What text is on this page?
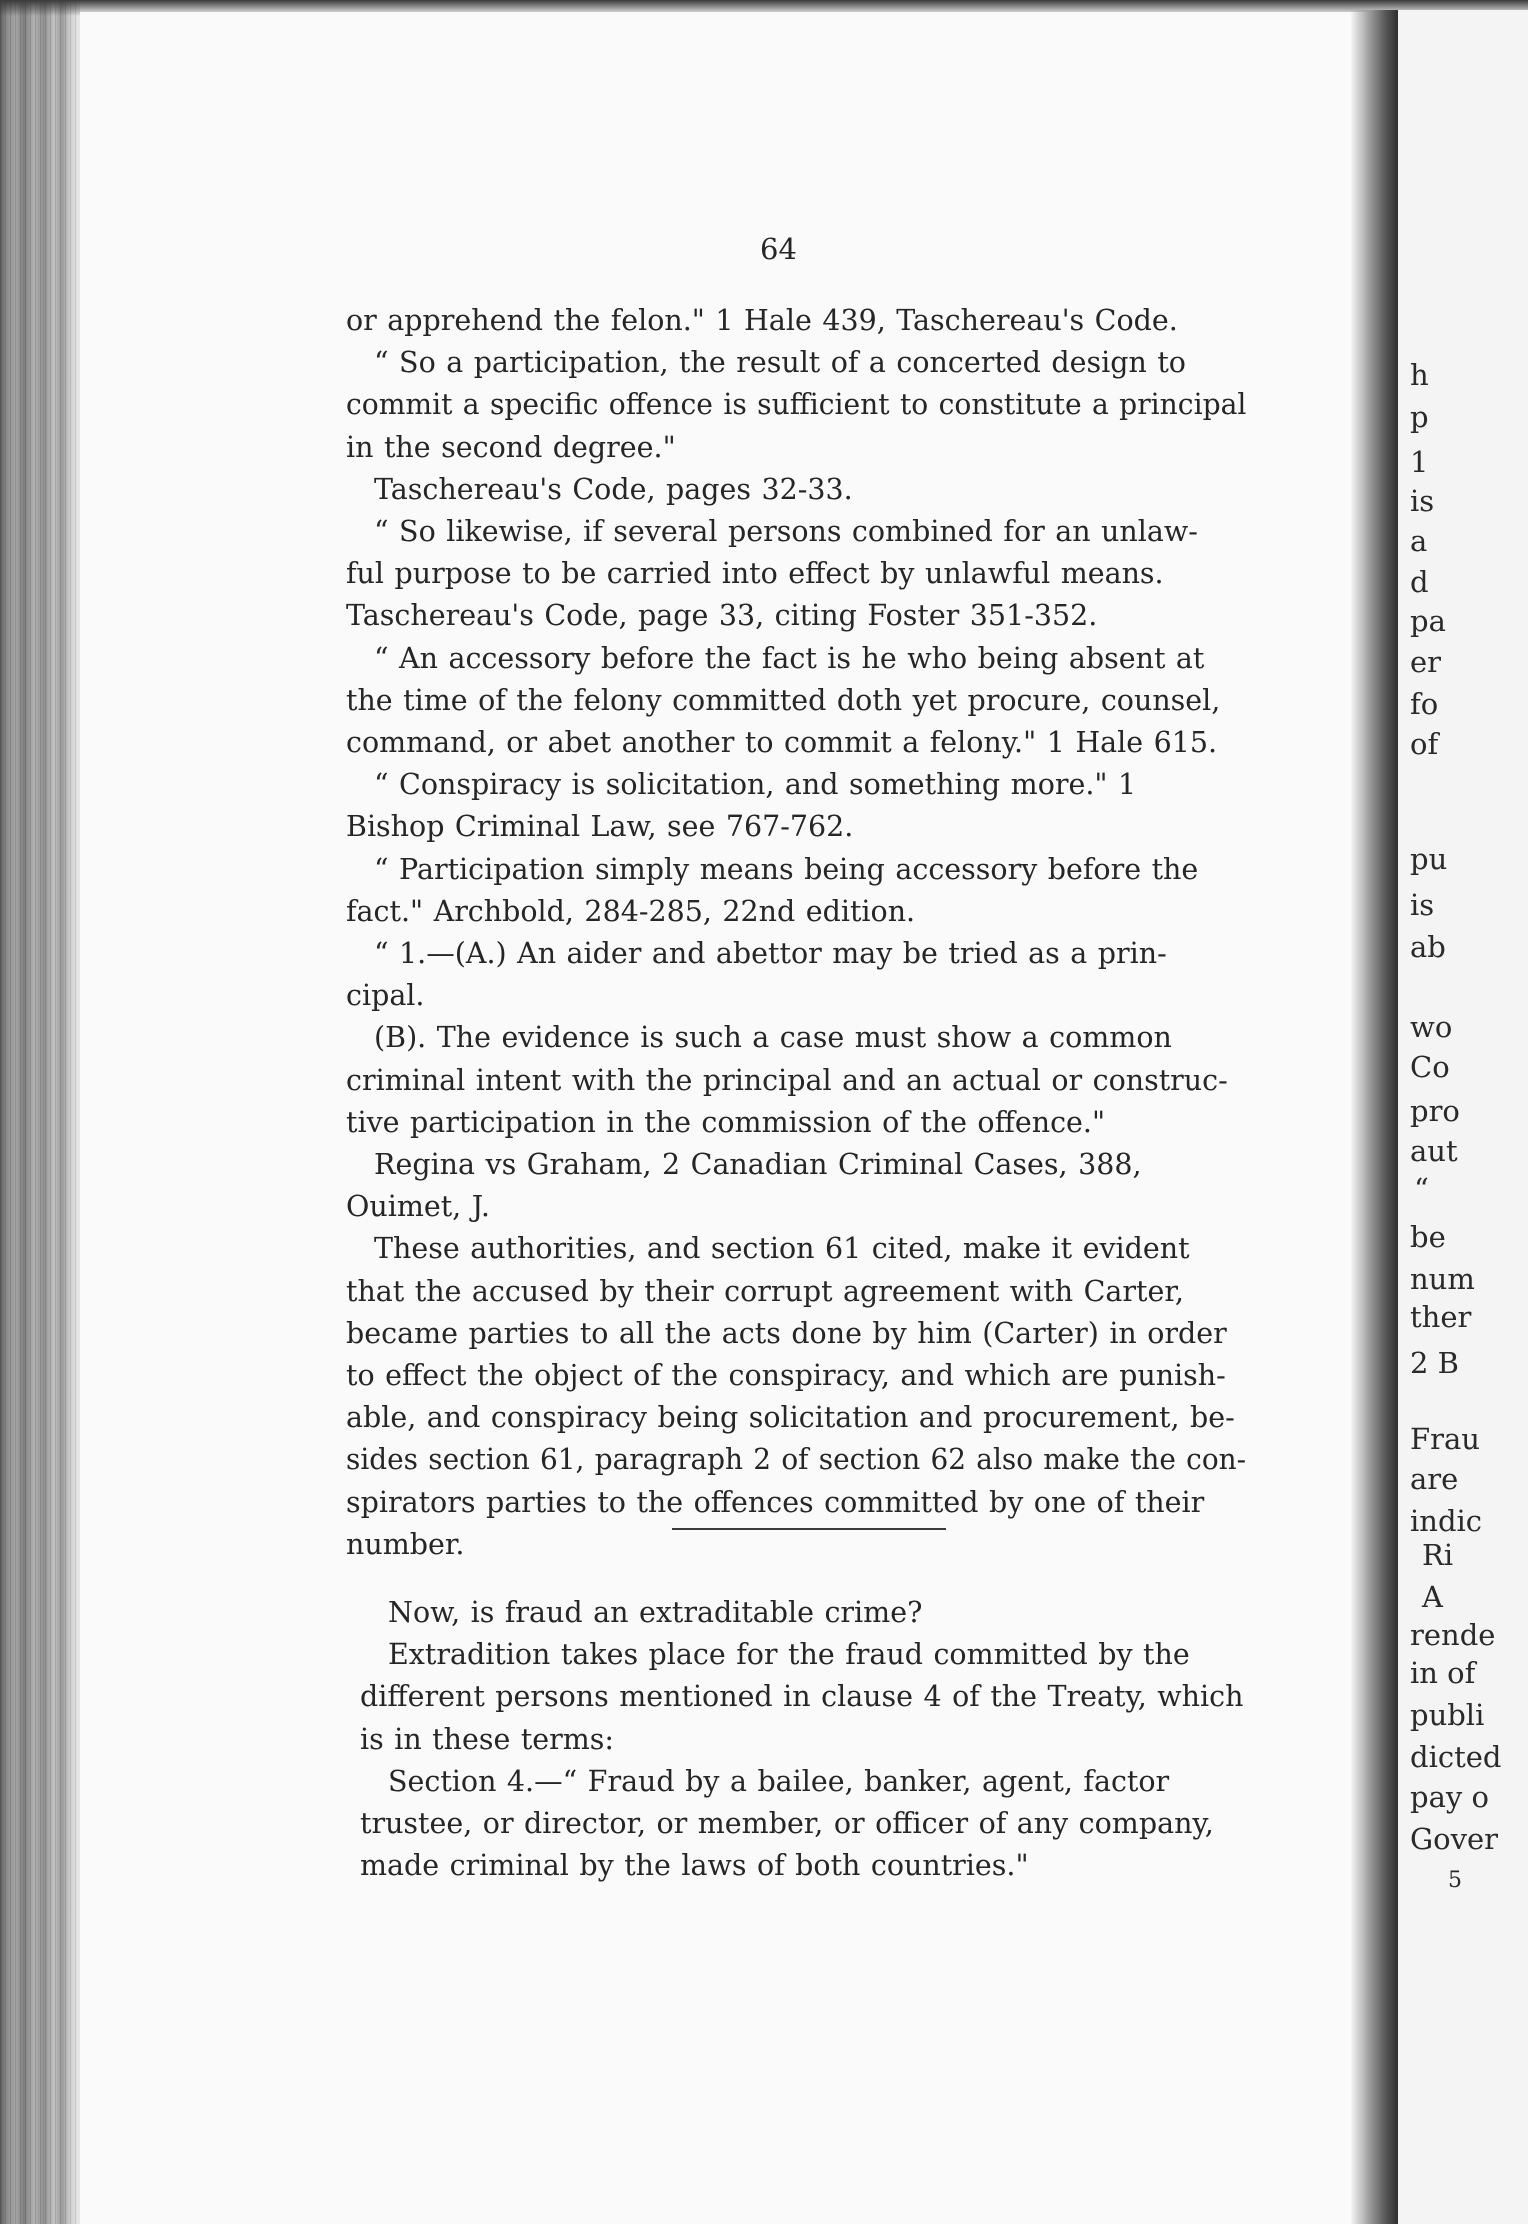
64
or apprehend the felon." 1 Hale 439, Taschereau's Code.
“ So a participation, the result of a concerted design to
commit a specific offence is sufficient to constitute a principal
in the second degree."
Taschereau's Code, pages 32-33.
“ So likewise, if several persons combined for an unlaw-
ful purpose to be carried into effect by unlawful means.
Taschereau's Code, page 33, citing Foster 351-352.
“ An accessory before the fact is he who being absent at
the time of the felony committed doth yet procure, counsel,
command, or abet another to commit a felony." 1 Hale 615.
“ Conspiracy is solicitation, and something more." 1
Bishop Criminal Law, see 767-762.
“ Participation simply means being accessory before the
fact." Archbold, 284-285, 22nd edition.
“ 1.—(A.) An aider and abettor may be tried as a prin-
cipal.
(B). The evidence is such a case must show a common
criminal intent with the principal and an actual or construc-
tive participation in the commission of the offence."
Regina vs Graham, 2 Canadian Criminal Cases, 388,
Ouimet, J.
These authorities, and section 61 cited, make it evident
that the accused by their corrupt agreement with Carter,
became parties to all the acts done by him (Carter) in order
to effect the object of the conspiracy, and which are punish-
able, and conspiracy being solicitation and procurement, be-
sides section 61, paragraph 2 of section 62 also make the con-
spirators parties to the offences committed by one of their
number.
Now, is fraud an extraditable crime?
Extradition takes place for the fraud committed by the
different persons mentioned in clause 4 of the Treaty, which
is in these terms:
Section 4.—“ Fraud by a bailee, banker, agent, factor
trustee, or director, or member, or officer of any company,
made criminal by the laws of both countries."
h
p
1
is
a
d
pa
er
fo
of
pu
is
ab
wo
Co
pro
aut
“
be
num
ther
2 B
Frau
are
indic
Ri
A
rende
in of
publi
dicted
pay o
Gover
5
